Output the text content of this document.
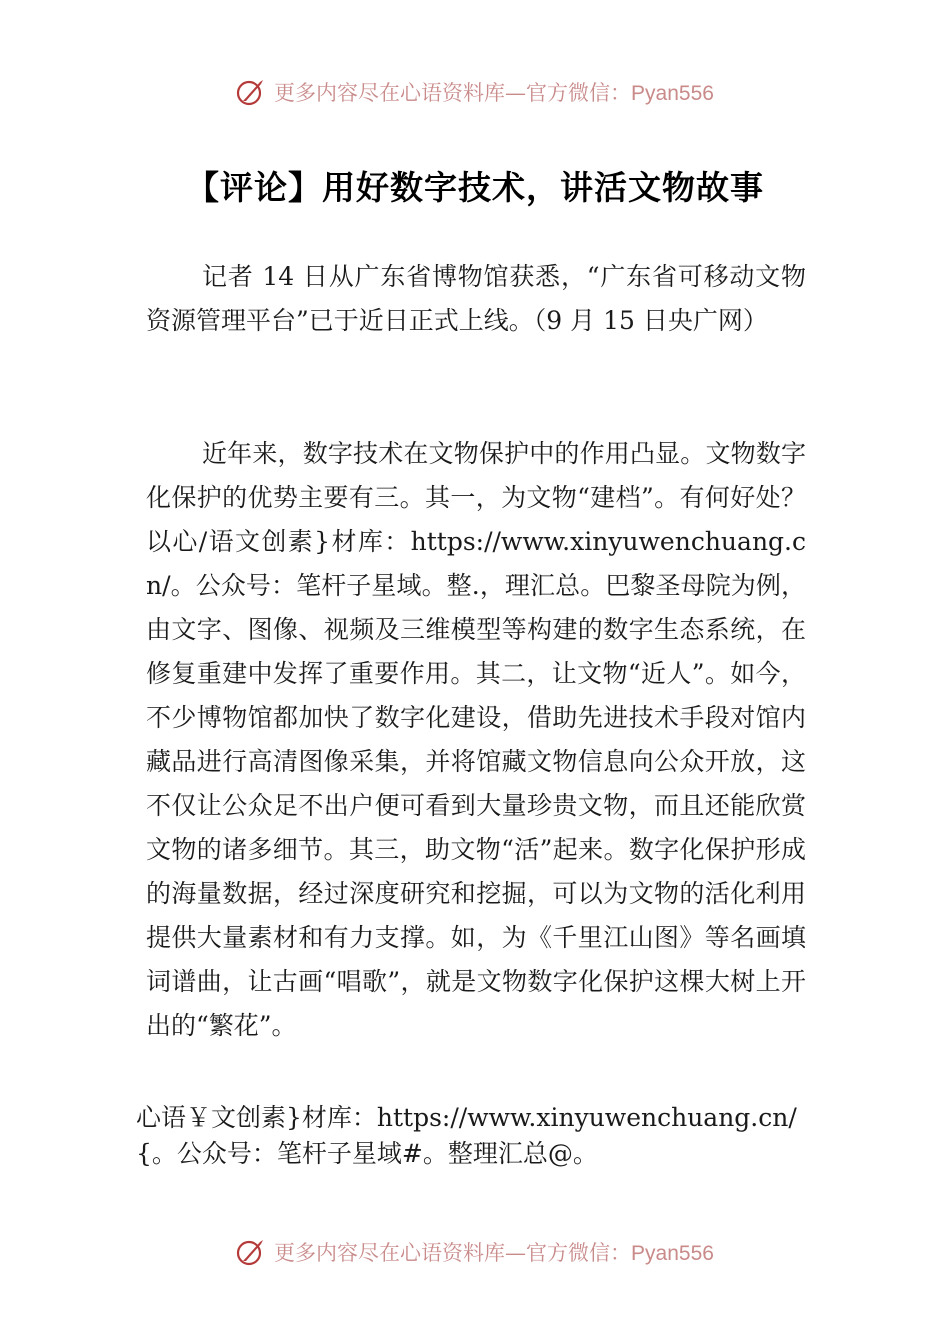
更多内容尽在心语资料库—官方微信：Pyan556
【评论】用好数字技术，讲活文物故事

记者 14 日从广东省博物馆获悉，“广东省可移动文物资源管理平台”已于近日正式上线。（9 月 15 日央广网）

近年来，数字技术在文物保护中的作用凸显。文物数字化保护的优势主要有三。其一，为文物“建档”。有何好处？以心/语文创素}材库：https://www.xinyuwenchuang.cn/。公众号：笔杆子星域。整.，理汇总。巴黎圣母院为例，由文字、图像、视频及三维模型等构建的数字生态系统，在修复重建中发挥了重要作用。其二，让文物“近人”。如今，不少博物馆都加快了数字化建设，借助先进技术手段对馆内藏品进行高清图像采集，并将馆藏文物信息向公众开放，这不仅让公众足不出户便可看到大量珍贵文物，而且还能欣赏文物的诸多细节。其三，助文物“活”起来。数字化保护形成的海量数据，经过深度研究和挖掘，可以为文物的活化利用提供大量素材和有力支撑。如，为《千里江山图》等名画填词谱曲，让古画“唱歌”，就是文物数字化保护这棵大树上开出的“繁花”。

心语￥文创素}材库：https://www.xinyuwenchuang.cn/{。公众号：笔杆子星域#。整理汇总@。

更多内容尽在心语资料库—官方微信：Pyan556
